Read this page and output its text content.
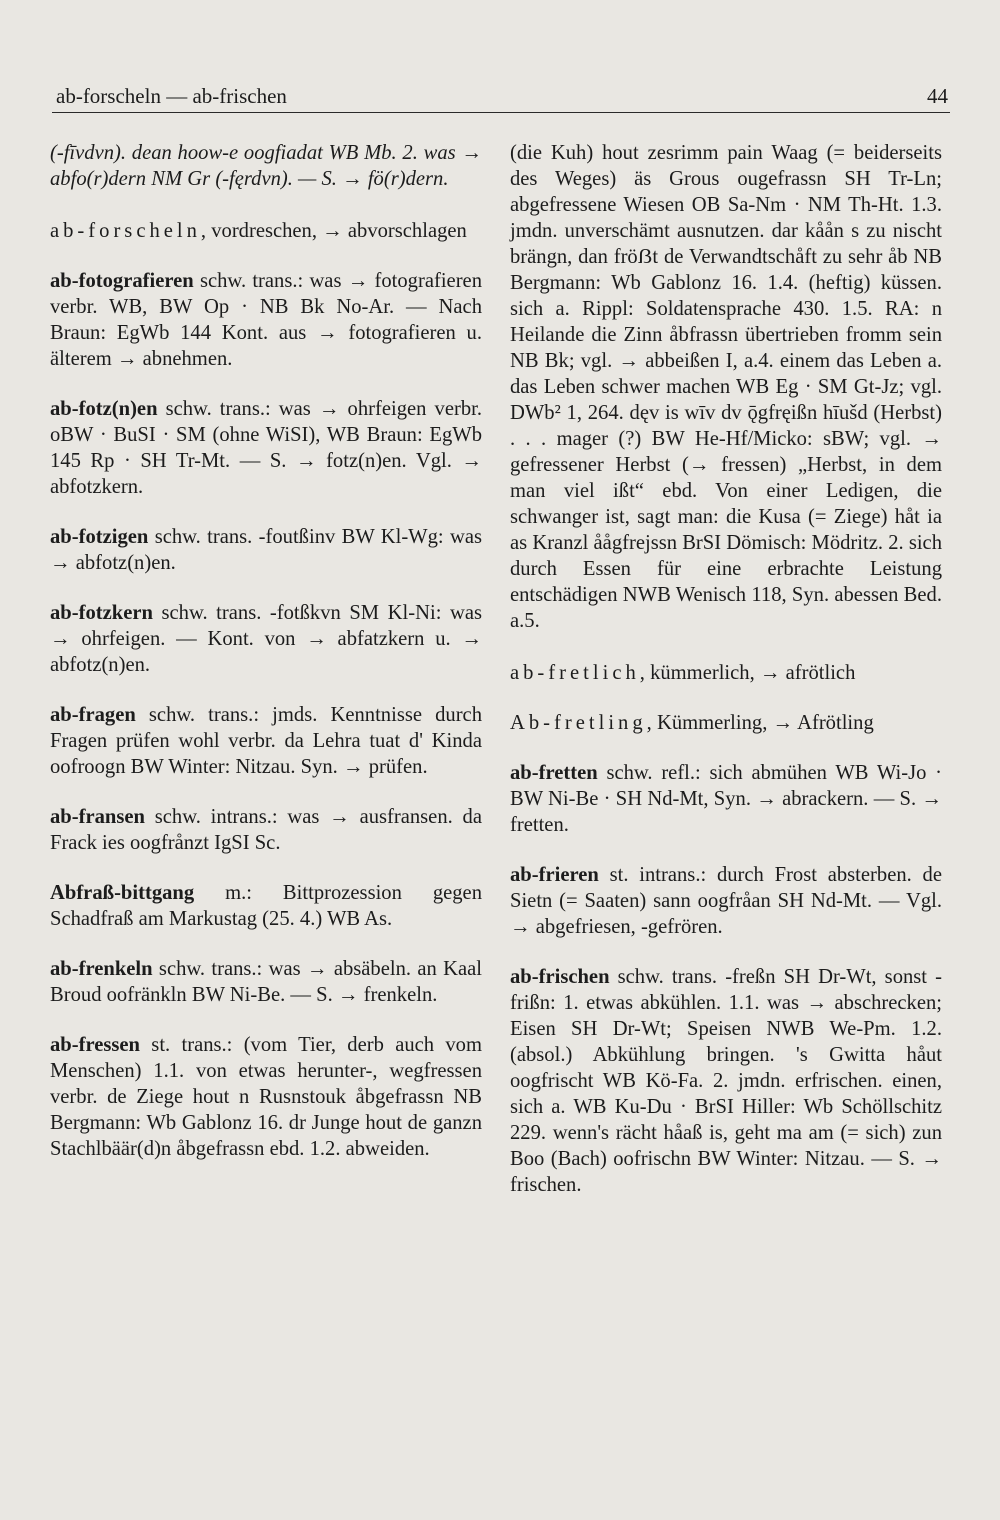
ab-forscheln — ab-frischen	44

(-fīvdvn). dean hoow-e oogfiadat WB Mb. 2. was → abfo(r)dern NM Gr (-fęrdvn). — S. → fö(r)dern.

ab-forscheln, vordreschen, → abvorschlagen

ab-fotografieren schw. trans.: was → fotografieren verbr. WB, BW Op · NB Bk No-Ar. — Nach Braun: EgWb 144 Kont. aus → fotografieren u. älterem → abnehmen.

ab-fotz(n)en schw. trans.: was → ohrfeigen verbr. oBW · BuSI · SM (ohne WiSI), WB Braun: EgWb 145 Rp · SH Tr-Mt. — S. → fotz(n)en. Vgl. → abfotzkern.

ab-fotzigen schw. trans. -foutßinv BW Kl-Wg: was → abfotz(n)en.

ab-fotzkern schw. trans. -fotßkvn SM Kl-Ni: was → ohrfeigen. — Kont. von → abfatzkern u. → abfotz(n)en.

ab-fragen schw. trans.: jmds. Kenntnisse durch Fragen prüfen wohl verbr. da Lehra tuat d' Kinda oofroogn BW Winter: Nitzau. Syn. → prüfen.

ab-fransen schw. intrans.: was → ausfransen. da Frack ies oogfrånzt IgSI Sc.

Abfraß-bittgang m.: Bittprozession gegen Schadfraß am Markustag (25. 4.) WB As.

ab-frenkeln schw. trans.: was → absäbeln. an Kaal Broud oofränkln BW Ni-Be. — S. → frenkeln.

ab-fressen st. trans.: (vom Tier, derb auch vom Menschen) 1.1. von etwas herunter-, wegfressen verbr. de Ziege hout n Rusnstouk åbgefrassn NB Bergmann: Wb Gablonz 16. dr Junge hout de ganzn Stachlbäär(d)n åbgefrassn ebd. 1.2. abweiden.

(die Kuh) hout zesrimm pain Waag (= beiderseits des Weges) äs Grous ougefrassn SH Tr-Ln; abgefressene Wiesen OB Sa-Nm · NM Th-Ht. 1.3. jmdn. unverschämt ausnutzen. dar kåån s zu nischt brängn, dan fröẞt de Verwandtschåft zu sehr åb NB Bergmann: Wb Gablonz 16. 1.4. (heftig) küssen. sich a. Rippl: Soldatensprache 430. 1.5. RA: n Heilande die Zinn åbfrassn übertrieben fromm sein NB Bk; vgl. → abbeißen I, a.4. einem das Leben a. das Leben schwer machen WB Eg · SM Gt-Jz; vgl. DWb² 1, 264. dęv is wīv dv ǭgfręißn hīušd (Herbst) . . . mager (?) BW He-Hf/Micko: sBW; vgl. → gefressener Herbst (→ fressen) „Herbst, in dem man viel ißt“ ebd. Von einer Ledigen, die schwanger ist, sagt man: die Kusa (= Ziege) håt ia as Kranzl åågfrejssn BrSI Dömisch: Mödritz. 2. sich durch Essen für eine erbrachte Leistung entschädigen NWB Wenisch 118, Syn. abessen Bed. a.5.

ab-fretlich, kümmerlich, → afrötlich

Ab-fretling, Kümmerling, → Afrötling

ab-fretten schw. refl.: sich abmühen WB Wi-Jo · BW Ni-Be · SH Nd-Mt, Syn. → abrackern. — S. → fretten.

ab-frieren st. intrans.: durch Frost absterben. de Sietn (= Saaten) sann oogfråan SH Nd-Mt. — Vgl. → abgefriesen, -gefrören.

ab-frischen schw. trans. -freßn SH Dr-Wt, sonst -frißn: 1. etwas abkühlen. 1.1. was → abschrecken; Eisen SH Dr-Wt; Speisen NWB We-Pm. 1.2. (absol.) Abkühlung bringen. 's Gwitta håut oogfrischt WB Kö-Fa. 2. jmdn. erfrischen. einen, sich a. WB Ku-Du · BrSI Hiller: Wb Schöllschitz 229. wenn's rächt håaß is, geht ma am (= sich) zun Boo (Bach) oofrischn BW Winter: Nitzau. — S. → frischen.
